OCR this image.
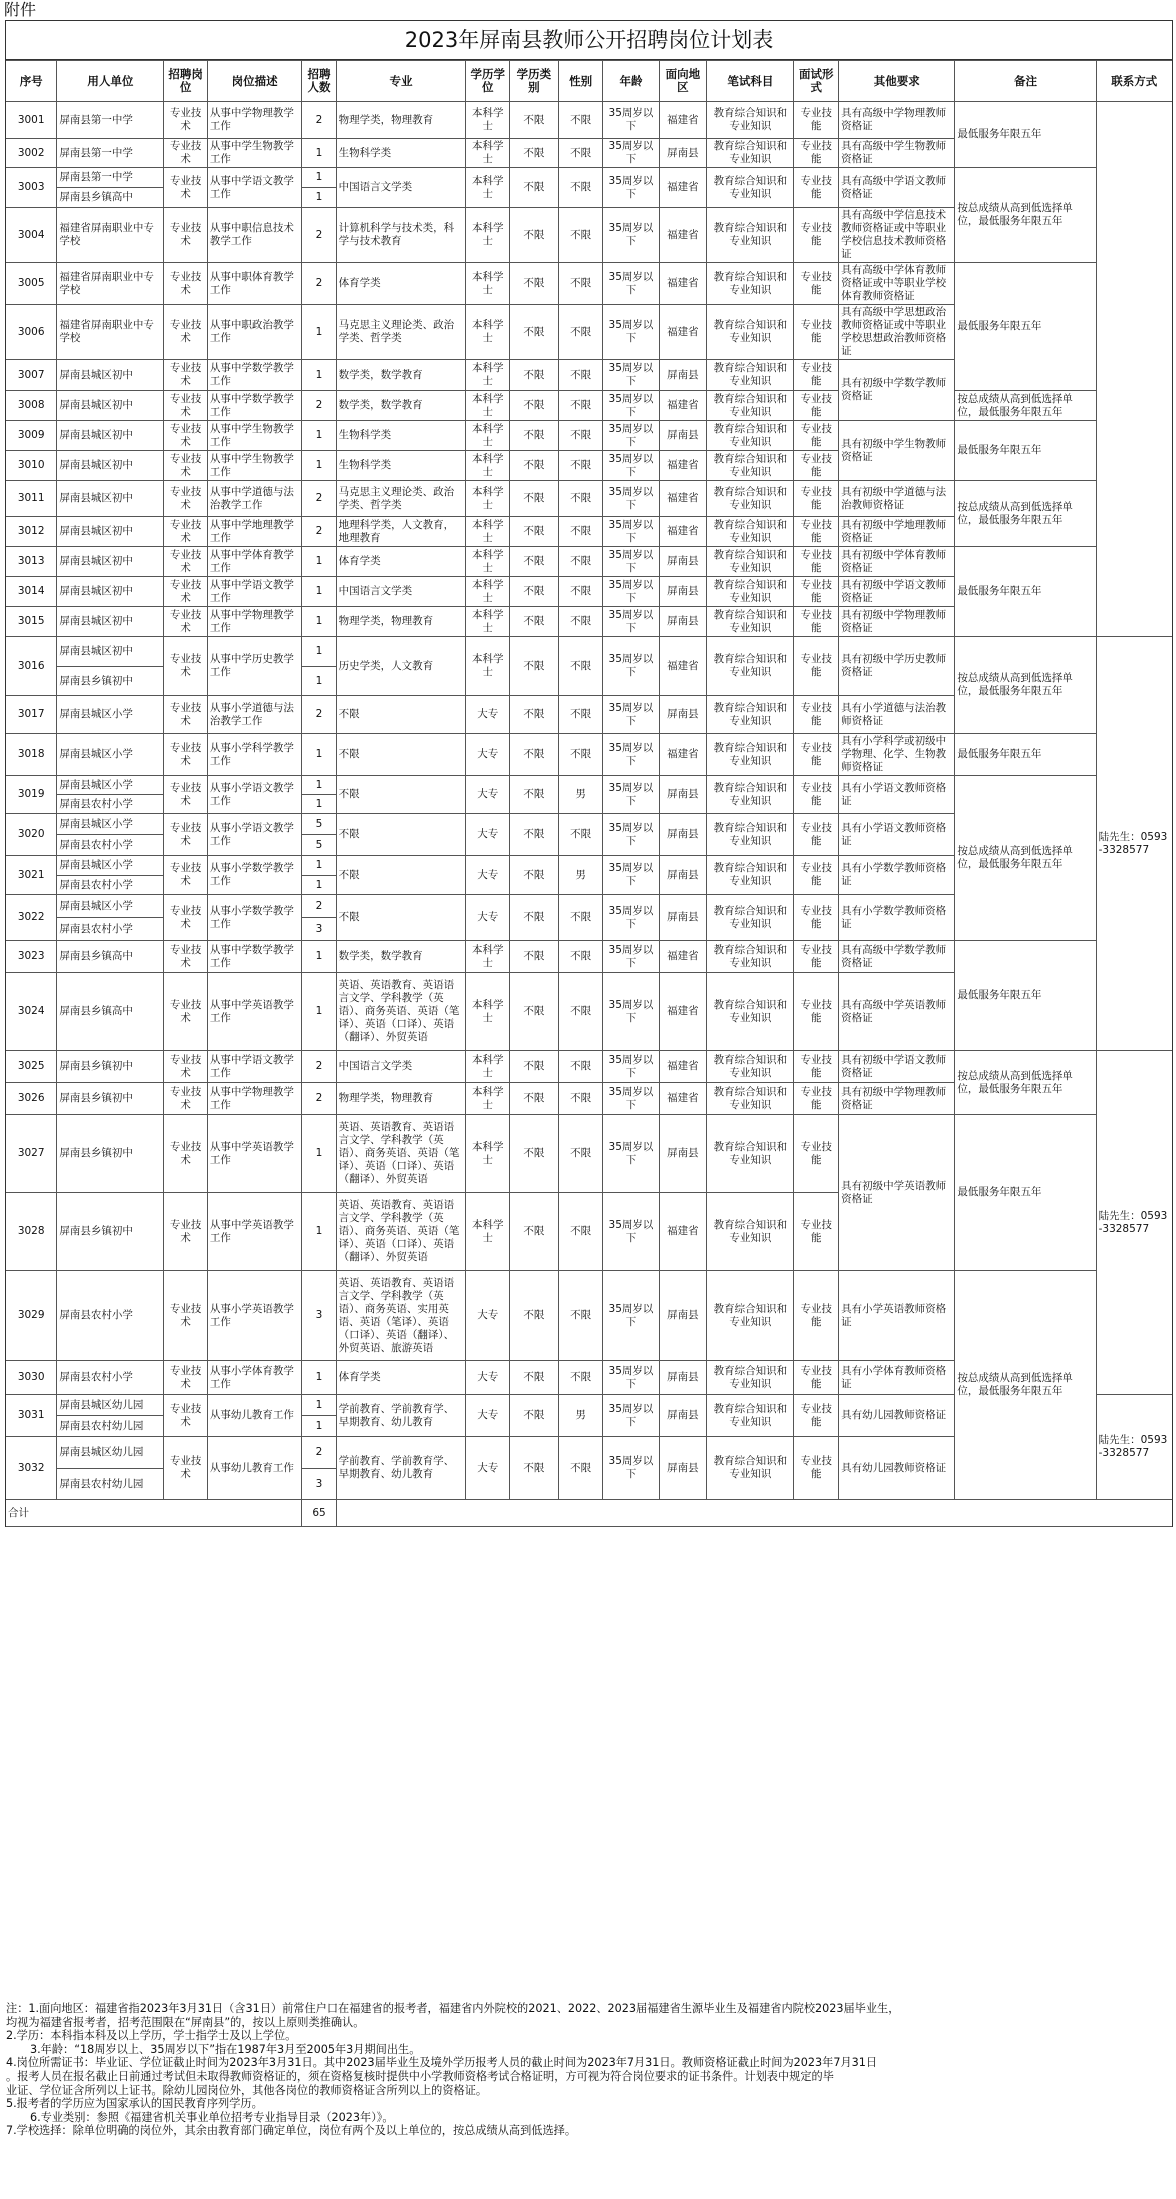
附件
2023年屏南县教师公开招聘岗位计划表
序号	用人单位	招聘岗位	岗位描述	招聘人数	专业	学历学位	学历类别	性别	年龄	面向地区	笔试科目	面试形式	其他要求	备注	联系方式
3001	屏南县第一中学	专业技术	从事中学物理教学工作	2	物理学类，物理教育	本科学士	不限	不限	35周岁以下	福建省	教育综合知识和专业知识	专业技能	具有高级中学物理教师资格证	最低服务年限五年	
3002	屏南县第一中学	专业技术	从事中学生物教学工作	1	生物科学类	本科学士	不限	不限	35周岁以下	屏南县	教育综合知识和专业知识	专业技能	具有高级中学生物教师资格证		
3003	屏南县第一中学	专业技术	从事中学语文教学工作	1	中国语言文学类	本科学士	不限	不限	35周岁以下	福建省	教育综合知识和专业知识	专业技能	具有高级中学语文教师资格证	按总成绩从高到低选择单位，最低服务年限五年	
	屏南县乡镇高中			1											
3004	福建省屏南职业中专学校	专业技术	从事中职信息技术教学工作	2	计算机科学与技术类，科学与技术教育	本科学士	不限	不限	35周岁以下	福建省	教育综合知识和专业知识	专业技能	具有高级中学信息技术教师资格证或中等职业学校信息技术教师资格证		
3005	福建省屏南职业中专学校	专业技术	从事中职体育教学工作	2	体育学类	本科学士	不限	不限	35周岁以下	福建省	教育综合知识和专业知识	专业技能	具有高级中学体育教师资格证或中等职业学校体育教师资格证	最低服务年限五年	
3006	福建省屏南职业中专学校	专业技术	从事中职政治教学工作	1	马克思主义理论类、政治学类、哲学类	本科学士	不限	不限	35周岁以下	福建省	教育综合知识和专业知识	专业技能	具有高级中学思想政治教师资格证或中等职业学校思想政治教师资格证		
3007	屏南县城区初中	专业技术	从事中学数学教学工作	1	数学类，数学教育	本科学士	不限	不限	35周岁以下	屏南县	教育综合知识和专业知识	专业技能	具有初级中学数学教师资格证		
3008	屏南县城区初中	专业技术	从事中学数学教学工作	2	数学类，数学教育	本科学士	不限	不限	35周岁以下	福建省	教育综合知识和专业知识	专业技能		按总成绩从高到低选择单位，最低服务年限五年	
3009	屏南县城区初中	专业技术	从事中学生物教学工作	1	生物科学类	本科学士	不限	不限	35周岁以下	屏南县	教育综合知识和专业知识	专业技能	具有初级中学生物教师资格证	最低服务年限五年	
3010	屏南县城区初中	专业技术	从事中学生物教学工作	1	生物科学类	本科学士	不限	不限	35周岁以下	福建省	教育综合知识和专业知识	专业技能			
3011	屏南县城区初中	专业技术	从事中学道德与法治教学工作	2	马克思主义理论类、政治学类、哲学类	本科学士	不限	不限	35周岁以下	福建省	教育综合知识和专业知识	专业技能	具有初级中学道德与法治教师资格证	按总成绩从高到低选择单位，最低服务年限五年	
3012	屏南县城区初中	专业技术	从事中学地理教学工作	2	地理科学类，人文教育，地理教育	本科学士	不限	不限	35周岁以下	福建省	教育综合知识和专业知识	专业技能	具有初级中学地理教师资格证		
3013	屏南县城区初中	专业技术	从事中学体育教学工作	1	体育学类	本科学士	不限	不限	35周岁以下	屏南县	教育综合知识和专业知识	专业技能	具有初级中学体育教师资格证	最低服务年限五年	
3014	屏南县城区初中	专业技术	从事中学语文教学工作	1	中国语言文学类	本科学士	不限	不限	35周岁以下	屏南县	教育综合知识和专业知识	专业技能	具有初级中学语文教师资格证		
3015	屏南县城区初中	专业技术	从事中学物理教学工作	1	物理学类，物理教育	本科学士	不限	不限	35周岁以下	屏南县	教育综合知识和专业知识	专业技能	具有初级中学物理教师资格证		
3016	屏南县城区初中	专业技术	从事中学历史教学工作	1	历史学类，人文教育	本科学士	不限	不限	35周岁以下	福建省	教育综合知识和专业知识	专业技能	具有初级中学历史教师资格证	按总成绩从高到低选择单位，最低服务年限五年	陆先生：0593-3328577
	屏南县乡镇初中			1											
3017	屏南县城区小学	专业技术	从事小学道德与法治教学工作	2	不限	大专	不限	不限	35周岁以下	屏南县	教育综合知识和专业知识	专业技能	具有小学道德与法治教师资格证		
3018	屏南县城区小学	专业技术	从事小学科学教学工作	1	不限	大专	不限	不限	35周岁以下	福建省	教育综合知识和专业知识	专业技能	具有小学科学或初级中学物理、化学、生物教师资格证	最低服务年限五年	
3019	屏南县城区小学	专业技术	从事小学语文教学工作	1	不限	大专	不限	男	35周岁以下	屏南县	教育综合知识和专业知识	专业技能	具有小学语文教师资格证	按总成绩从高到低选择单位，最低服务年限五年	
	屏南县农村小学			1											
3020	屏南县城区小学	专业技术	从事小学语文教学工作	5	不限	大专	不限	不限	35周岁以下	屏南县	教育综合知识和专业知识	专业技能	具有小学语文教师资格证		
	屏南县农村小学			5											
3021	屏南县城区小学	专业技术	从事小学数学教学工作	1	不限	大专	不限	男	35周岁以下	屏南县	教育综合知识和专业知识	专业技能	具有小学数学教师资格证		
	屏南县农村小学			1											
3022	屏南县城区小学	专业技术	从事小学数学教学工作	2	不限	大专	不限	不限	35周岁以下	屏南县	教育综合知识和专业知识	专业技能	具有小学数学教师资格证		
	屏南县农村小学			3											
3023	屏南县乡镇高中	专业技术	从事中学数学教学工作	1	数学类，数学教育	本科学士	不限	不限	35周岁以下	福建省	教育综合知识和专业知识	专业技能	具有高级中学数学教师资格证	最低服务年限五年	
3024	屏南县乡镇高中	专业技术	从事中学英语教学工作	1	英语、英语教育、英语语言文学、学科教学（英语）、商务英语、英语（笔译）、英语（口译）、英语（翻译）、外贸英语	本科学士	不限	不限	35周岁以下	福建省	教育综合知识和专业知识	专业技能	具有高级中学英语教师资格证		
3025	屏南县乡镇初中	专业技术	从事中学语文教学工作	2	中国语言文学类	本科学士	不限	不限	35周岁以下	福建省	教育综合知识和专业知识	专业技能	具有初级中学语文教师资格证	按总成绩从高到低选择单位，最低服务年限五年	陆先生：0593-3328577
3026	屏南县乡镇初中	专业技术	从事中学物理教学工作	2	物理学类，物理教育	本科学士	不限	不限	35周岁以下	福建省	教育综合知识和专业知识	专业技能	具有初级中学物理教师资格证		
3027	屏南县乡镇初中	专业技术	从事中学英语教学工作	1	英语、英语教育、英语语言文学、学科教学（英语）、商务英语、英语（笔译）、英语（口译）、英语（翻译）、外贸英语	本科学士	不限	不限	35周岁以下	屏南县	教育综合知识和专业知识	专业技能	具有初级中学英语教师资格证	最低服务年限五年	
3028	屏南县乡镇初中	专业技术	从事中学英语教学工作	1	英语、英语教育、英语语言文学、学科教学（英语）、商务英语、英语（笔译）、英语（口译）、英语（翻译）、外贸英语	本科学士	不限	不限	35周岁以下	福建省	教育综合知识和专业知识	专业技能			
3029	屏南县农村小学	专业技术	从事小学英语教学工作	3	英语、英语教育、英语语言文学、学科教学（英语）、商务英语、实用英语、英语（笔译）、英语（口译）、英语（翻译）、外贸英语、旅游英语	大专	不限	不限	35周岁以下	屏南县	教育综合知识和专业知识	专业技能	具有小学英语教师资格证	按总成绩从高到低选择单位，最低服务年限五年	
3030	屏南县农村小学	专业技术	从事小学体育教学工作	1	体育学类	大专	不限	不限	35周岁以下	屏南县	教育综合知识和专业知识	专业技能	具有小学体育教师资格证		
3031	屏南县城区幼儿园	专业技术	从事幼儿教育工作	1	学前教育、学前教育学、早期教育、幼儿教育	大专	不限	男	35周岁以下	屏南县	教育综合知识和专业知识	专业技能	具有幼儿园教师资格证		陆先生：0593-3328577
	屏南县农村幼儿园			1											
3032	屏南县城区幼儿园	专业技术	从事幼儿教育工作	2	学前教育、学前教育学、早期教育、幼儿教育	大专	不限	不限	35周岁以下	屏南县	教育综合知识和专业知识	专业技能	具有幼儿园教师资格证		
	屏南县农村幼儿园			3											
合计				65											
注：1.面向地区：福建省指2023年3月31日（含31日）前常住户口在福建省的报考者，福建省内外院校的2021、2022、2023届福建省生源毕业生及福建省内院校2023届毕业生，
均视为福建省报考者，招考范围限在“屏南县”的，按以上原则类推确认。
2.学历：本科指本科及以上学历，学士指学士及以上学位。
3.年龄：“18周岁以上、35周岁以下”指在1987年3月至2005年3月期间出生。
4.岗位所需证书：毕业证、学位证截止时间为2023年3月31日。其中2023届毕业生及境外学历报考人员的截止时间为2023年7月31日。教师资格证截止时间为2023年7月31日
。报考人员在报名截止日前通过考试但未取得教师资格证的，须在资格复核时提供中小学教师资格考试合格证明，方可视为符合岗位要求的证书条件。计划表中规定的毕
业证、学位证含所列以上证书。除幼儿园岗位外，其他各岗位的教师资格证含所列以上的资格证。
5.报考者的学历应为国家承认的国民教育序列学历。
6.专业类别：参照《福建省机关事业单位招考专业指导目录（2023年）》。
7.学校选择：除单位明确的岗位外，其余由教育部门确定单位，岗位有两个及以上单位的，按总成绩从高到低选择。
